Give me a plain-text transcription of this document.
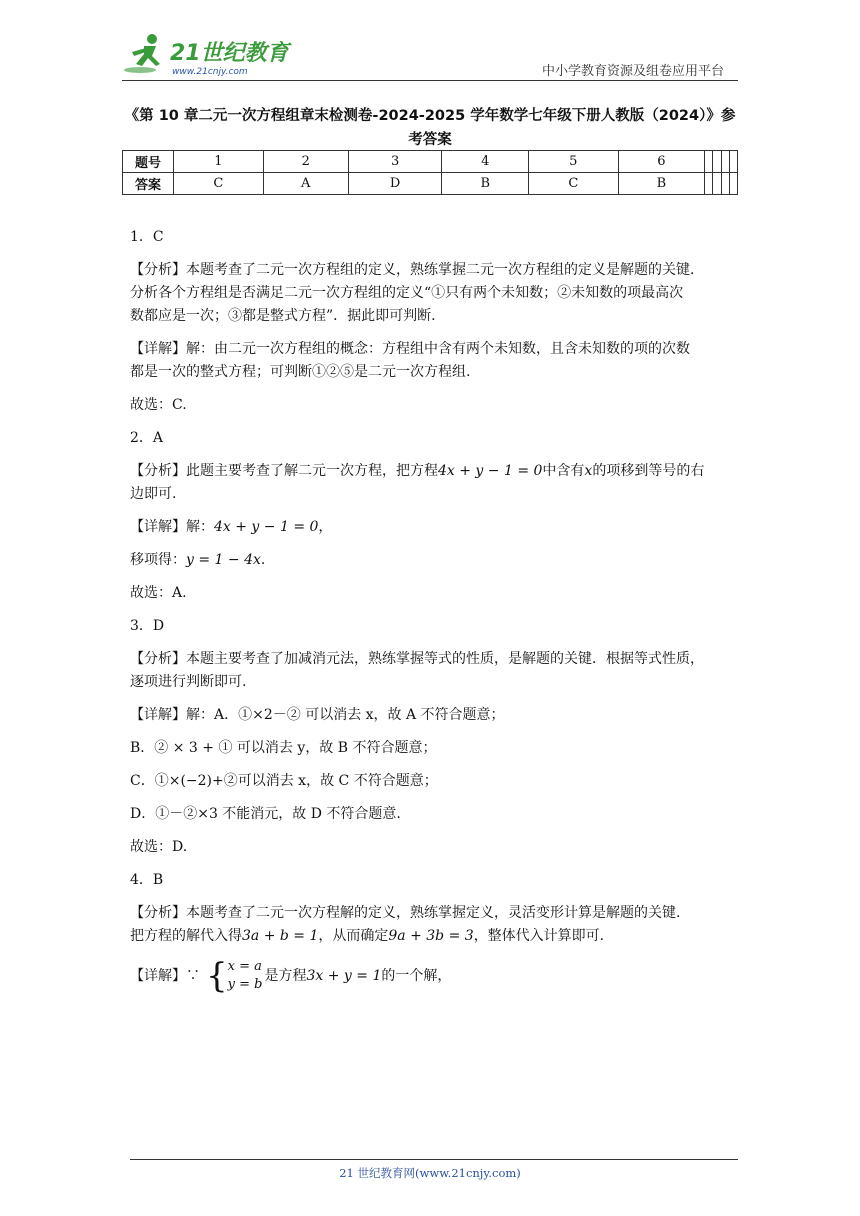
21世纪教育
www.21cnjy.com	中小学教育资源及组卷应用平台
《第 10 章二元一次方程组章末检测卷-2024-2025 学年数学七年级下册人教版（2024）》参
考答案
题号	1	2	3	4	5	6				
答案	C	A	D	B	C	B				

1．C

【分析】本题考查了二元一次方程组的定义，熟练掌握二元一次方程组的定义是解题的关键.
分析各个方程组是否满足二元一次方程组的定义“①只有两个未知数；②未知数的项最高次
数都应是一次；③都是整式方程”．据此即可判断.

【详解】解：由二元一次方程组的概念：方程组中含有两个未知数，且含未知数的项的次数
都是一次的整式方程；可判断①②⑤是二元一次方程组.

故选：C.

2．A

【分析】此题主要考查了解二元一次方程，把方程4x + y − 1 = 0中含有x的项移到等号的右
边即可.

【详解】解：4x + y − 1 = 0，

移项得：y = 1 − 4x.

故选：A.

3．D

【分析】本题主要考查了加减消元法，熟练掌握等式的性质，是解题的关键．根据等式性质，
逐项进行判断即可.

【详解】解：A．①×2－② 可以消去 x，故 A 不符合题意；

B．② × 3 + ① 可以消去 y，故 B 不符合题意；

C．①×(−2)+②可以消去 x，故 C 不符合题意；

D．①－②×3 不能消元，故 D 不符合题意.

故选：D.

4．B

【分析】本题考查了二元一次方程解的定义，熟练掌握定义，灵活变形计算是解题的关键.
把方程的解代入得3a + b = 1，从而确定9a + 3b = 3，整体代入计算即可.

【详解】∵ {x = a
y = b是方程3x + y = 1的一个解，

21 世纪教育网(www.21cnjy.com)
